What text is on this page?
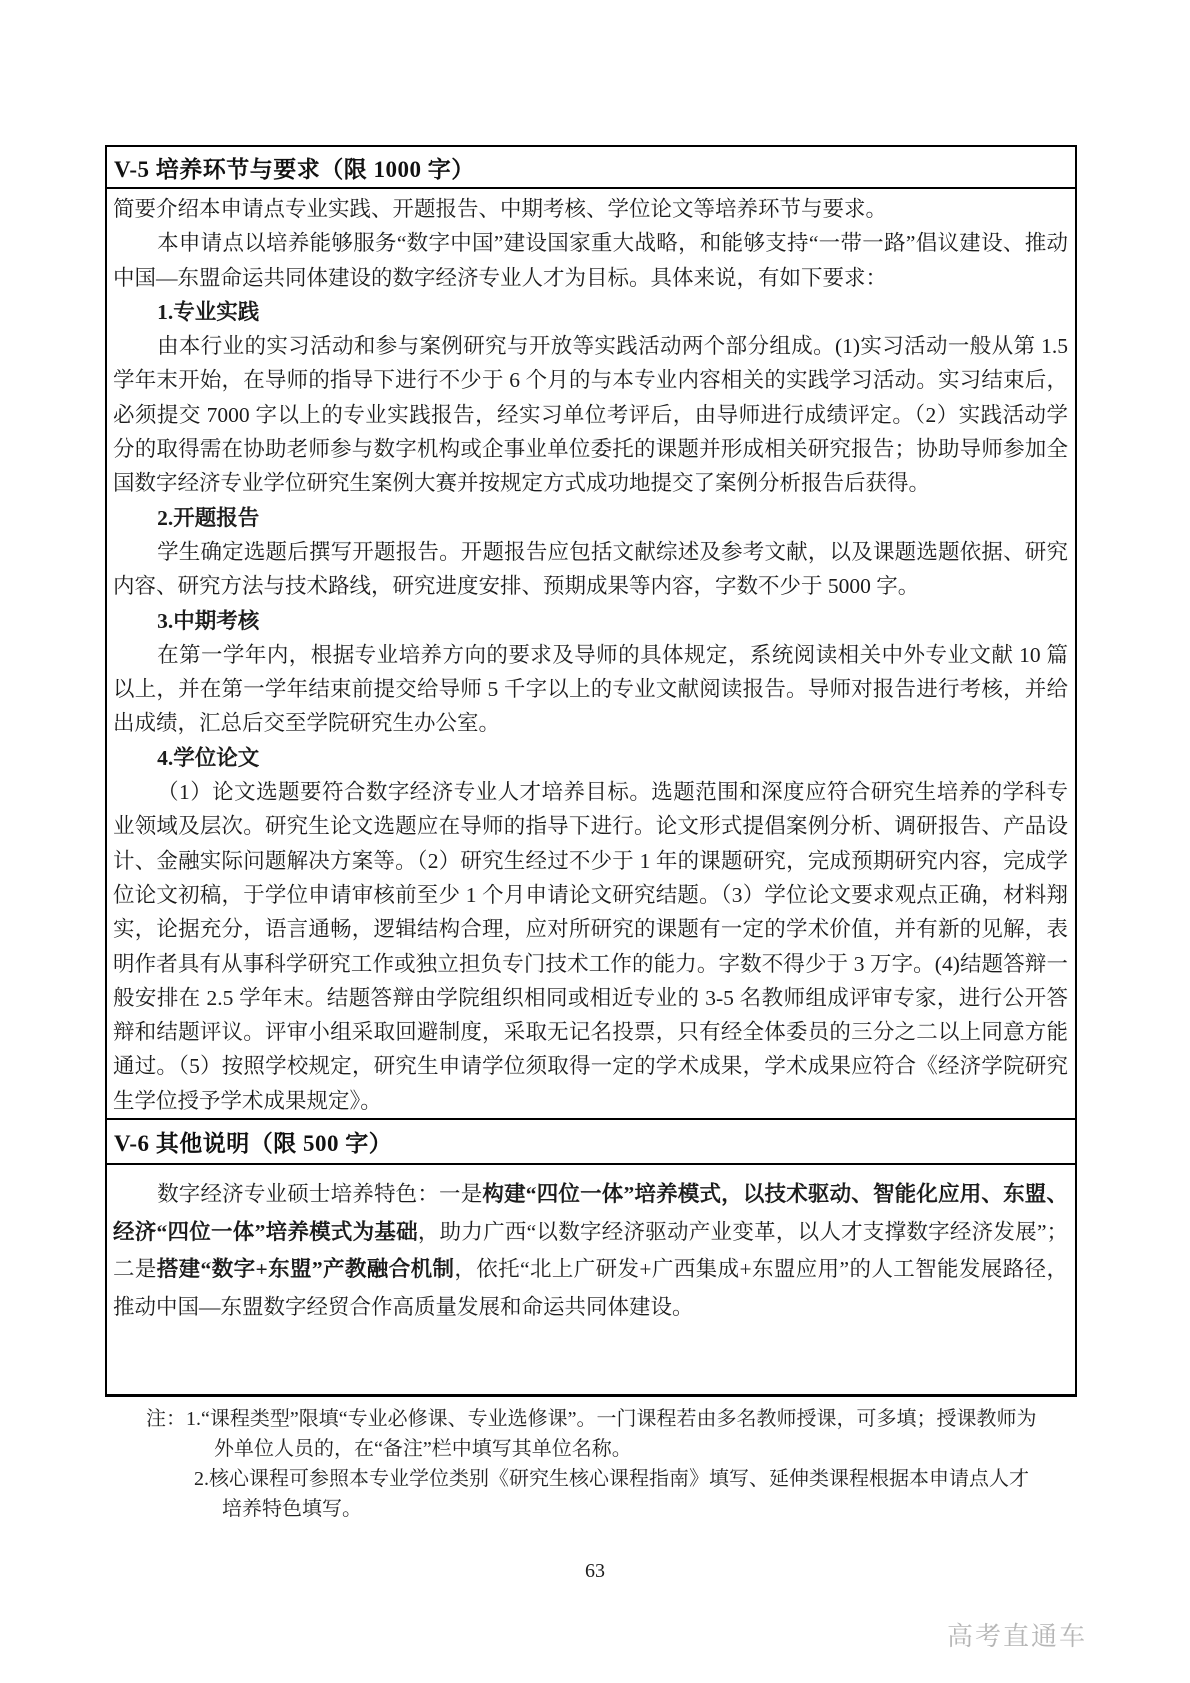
V-5 培养环节与要求（限 1000 字）

简要介绍本申请点专业实践、开题报告、中期考核、学位论文等培养环节与要求。

本申请点以培养能够服务“数字中国”建设国家重大战略，和能够支持“一带一路”倡议建设、推动中国—东盟命运共同体建设的数字经济专业人才为目标。具体来说，有如下要求：

1.专业实践

由本行业的实习活动和参与案例研究与开放等实践活动两个部分组成。(1)实习活动一般从第 1.5 学年末开始，在导师的指导下进行不少于 6 个月的与本专业内容相关的实践学习活动。实习结束后，必须提交 7000 字以上的专业实践报告，经实习单位考评后，由导师进行成绩评定。（2）实践活动学分的取得需在协助老师参与数字机构或企事业单位委托的课题并形成相关研究报告；协助导师参加全国数字经济专业学位研究生案例大赛并按规定方式成功地提交了案例分析报告后获得。

2.开题报告

学生确定选题后撰写开题报告。开题报告应包括文献综述及参考文献，以及课题选题依据、研究内容、研究方法与技术路线，研究进度安排、预期成果等内容，字数不少于 5000 字。

3.中期考核

在第一学年内，根据专业培养方向的要求及导师的具体规定，系统阅读相关中外专业文献 10 篇以上，并在第一学年结束前提交给导师 5 千字以上的专业文献阅读报告。导师对报告进行考核，并给出成绩，汇总后交至学院研究生办公室。

4.学位论文

（1）论文选题要符合数字经济专业人才培养目标。选题范围和深度应符合研究生培养的学科专业领域及层次。研究生论文选题应在导师的指导下进行。论文形式提倡案例分析、调研报告、产品设计、金融实际问题解决方案等。（2）研究生经过不少于 1 年的课题研究，完成预期研究内容，完成学位论文初稿，于学位申请审核前至少 1 个月申请论文研究结题。（3）学位论文要求观点正确，材料翔实，论据充分，语言通畅，逻辑结构合理，应对所研究的课题有一定的学术价值，并有新的见解，表明作者具有从事科学研究工作或独立担负专门技术工作的能力。字数不得少于 3 万字。(4)结题答辩一般安排在 2.5 学年末。结题答辩由学院组织相同或相近专业的 3-5 名教师组成评审专家，进行公开答辩和结题评议。评审小组采取回避制度，采取无记名投票，只有经全体委员的三分之二以上同意方能通过。（5）按照学校规定，研究生申请学位须取得一定的学术成果，学术成果应符合《经济学院研究生学位授予学术成果规定》。

V-6 其他说明（限 500 字）

数字经济专业硕士培养特色：一是构建“四位一体”培养模式，以技术驱动、智能化应用、东盟、经济“四位一体”培养模式为基础，助力广西“以数字经济驱动产业变革，以人才支撑数字经济发展”；二是搭建“数字+东盟”产教融合机制，依托“北上广研发+广西集成+东盟应用”的人工智能发展路径，推动中国—东盟数字经贸合作高质量发展和命运共同体建设。

注： 1.“课程类型”限填“专业必修课、专业选修课”。一门课程若由多名教师授课，可多填；授课教师为外单位人员的，在“备注”栏中填写其单位名称。

2.核心课程可参照本专业学位类别《研究生核心课程指南》填写、延伸类课程根据本申请点人才培养特色填写。

63
高考直通车
